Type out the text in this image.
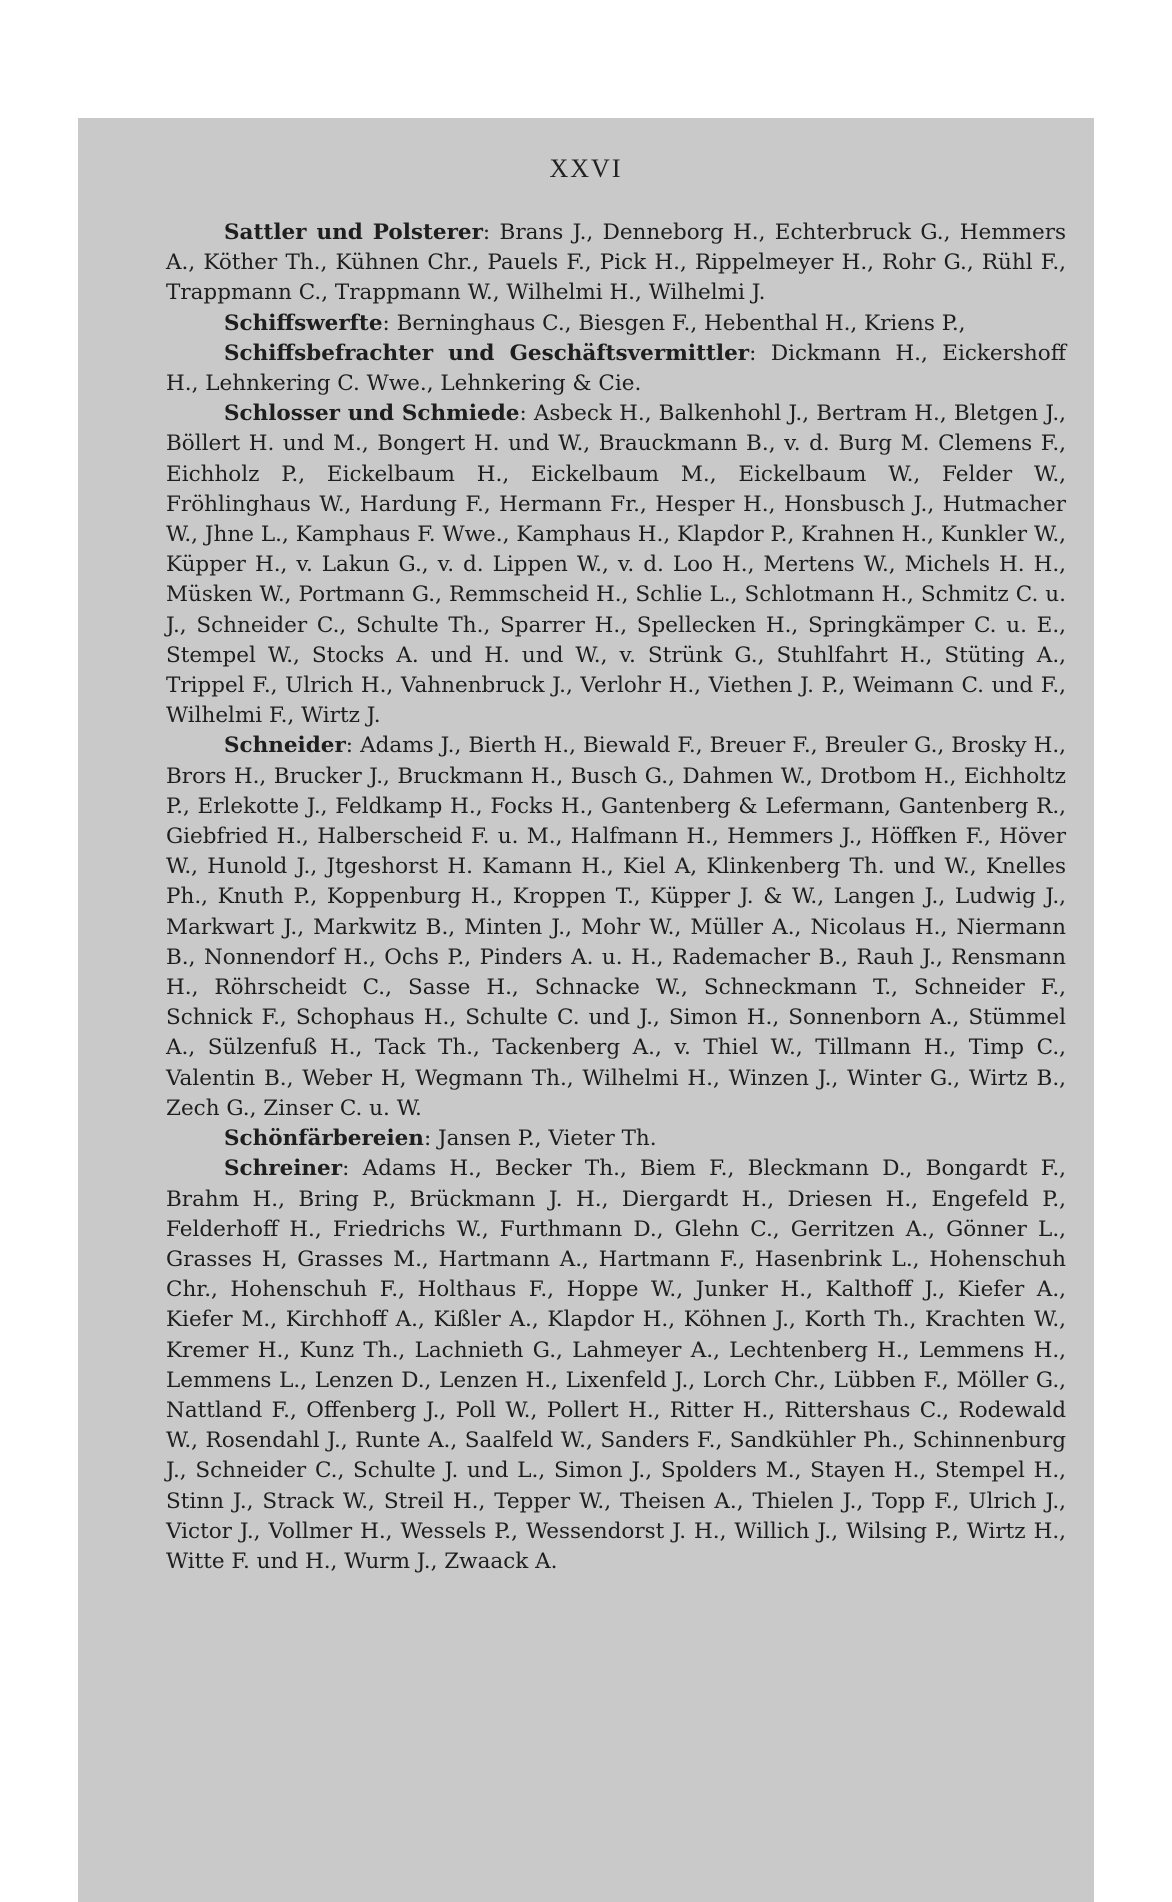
XXVI

Sattler und Polsterer: Brans J., Denneborg H., Echterbruck G., Hemmers A., Köther Th., Kühnen Chr., Pauels F., Pick H., Rippelmeyer H., Rohr G., Rühl F., Trappmann C., Trappmann W., Wilhelmi H., Wilhelmi J.

Schiffswerfte: Berninghaus C., Biesgen F., Hebenthal H., Kriens P.,

Schiffsbefrachter und Geschäftsvermittler: Dickmann H., Eickershoff H., Lehnkering C. Wwe., Lehnkering & Cie.

Schlosser und Schmiede: Asbeck H., Balkenhohl J., Bertram H., Bletgen J., Böllert H. und M., Bongert H. und W., Brauckmann B., v. d. Burg M. Clemens F., Eichholz P., Eickelbaum H., Eickelbaum M., Eickelbaum W., Felder W., Fröhlinghaus W., Hardung F., Hermann Fr., Hesper H., Honsbusch J., Hutmacher W., Jhne L., Kamphaus F. Wwe., Kamphaus H., Klapdor P., Krahnen H., Kunkler W., Küpper H., v. Lakun G., v. d. Lippen W., v. d. Loo H., Mertens W., Michels H. H., Müsken W., Portmann G., Remmscheid H., Schlie L., Schlotmann H., Schmitz C. u. J., Schneider C., Schulte Th., Sparrer H., Spellecken H., Springkämper C. u. E., Stempel W., Stocks A. und H. und W., v. Strünk G., Stuhlfahrt H., Stüting A., Trippel F., Ulrich H., Vahnenbruck J., Verlohr H., Viethen J. P., Weimann C. und F., Wilhelmi F., Wirtz J.

Schneider: Adams J., Bierth H., Biewald F., Breuer F., Breuler G., Brosky H., Brors H., Brucker J., Bruckmann H., Busch G., Dahmen W., Drotbom H., Eichholtz P., Erlekotte J., Feldkamp H., Focks H., Gantenberg & Lefermann, Gantenberg R., Giebfried H., Halberscheid F. u. M., Halfmann H., Hemmers J., Höffken F., Höver W., Hunold J., Jtgeshorst H. Kamann H., Kiel A, Klinkenberg Th. und W., Knelles Ph., Knuth P., Koppenburg H., Kroppen T., Küpper J. & W., Langen J., Ludwig J., Markwart J., Markwitz B., Minten J., Mohr W., Müller A., Nicolaus H., Niermann B., Nonnendorf H., Ochs P., Pinders A. u. H., Rademacher B., Rauh J., Rensmann H., Röhrscheidt C., Sasse H., Schnacke W., Schneckmann T., Schneider F., Schnick F., Schophaus H., Schulte C. und J., Simon H., Sonnenborn A., Stümmel A., Sülzenfuß H., Tack Th., Tackenberg A., v. Thiel W., Tillmann H., Timp C., Valentin B., Weber H, Wegmann Th., Wilhelmi H., Winzen J., Winter G., Wirtz B., Zech G., Zinser C. u. W.

Schönfärbereien: Jansen P., Vieter Th.

Schreiner: Adams H., Becker Th., Biem F., Bleckmann D., Bongardt F., Brahm H., Bring P., Brückmann J. H., Diergardt H., Driesen H., Engefeld P., Felderhoff H., Friedrichs W., Furthmann D., Glehn C., Gerritzen A., Gönner L., Grasses H, Grasses M., Hartmann A., Hartmann F., Hasenbrink L., Hohenschuh Chr., Hohenschuh F., Holthaus F., Hoppe W., Junker H., Kalthoff J., Kiefer A., Kiefer M., Kirchhoff A., Kißler A., Klapdor H., Köhnen J., Korth Th., Krachten W., Kremer H., Kunz Th., Lachnieth G., Lahmeyer A., Lechtenberg H., Lemmens H., Lemmens L., Lenzen D., Lenzen H., Lixenfeld J., Lorch Chr., Lübben F., Möller G., Nattland F., Offenberg J., Poll W., Pollert H., Ritter H., Rittershaus C., Rodewald W., Rosendahl J., Runte A., Saalfeld W., Sanders F., Sandkühler Ph., Schinnenburg J., Schneider C., Schulte J. und L., Simon J., Spolders M., Stayen H., Stempel H., Stinn J., Strack W., Streil H., Tepper W., Theisen A., Thielen J., Topp F., Ulrich J., Victor J., Vollmer H., Wessels P., Wessendorst J. H., Willich J., Wilsing P., Wirtz H., Witte F. und H., Wurm J., Zwaack A.
